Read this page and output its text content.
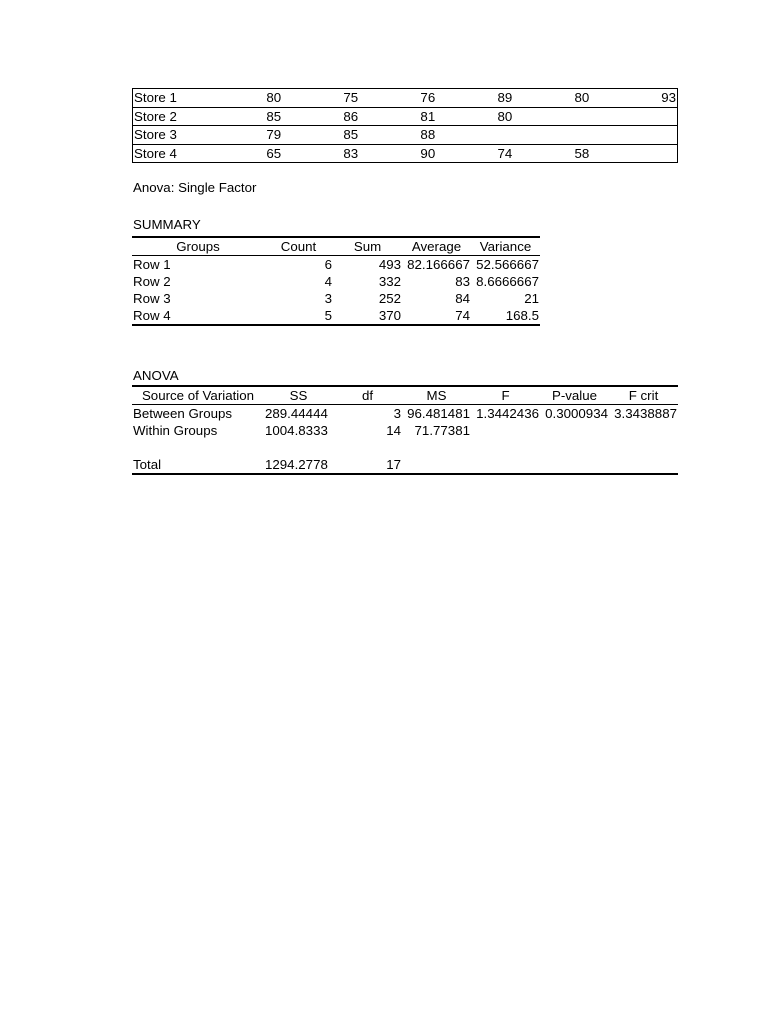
Store 1	80	75	76	89	80	93
Store 2	85	86	81	80		
Store 3	79	85	88			
Store 4	65	83	90	74	58	
Anova: Single Factor
SUMMARY
Groups	Count	Sum	Average	Variance
Row 1	6	493	82.166667	52.566667
Row 2	4	332	83	8.6666667
Row 3	3	252	84	21
Row 4	5	370	74	168.5
ANOVA
Source of Variation	SS	df	MS	F	P-value	F crit
Between Groups	289.44444	3	96.481481	1.3442436	0.3000934	3.3438887
Within Groups	1004.8333	14	71.77381			

Total	1294.2778	17				
